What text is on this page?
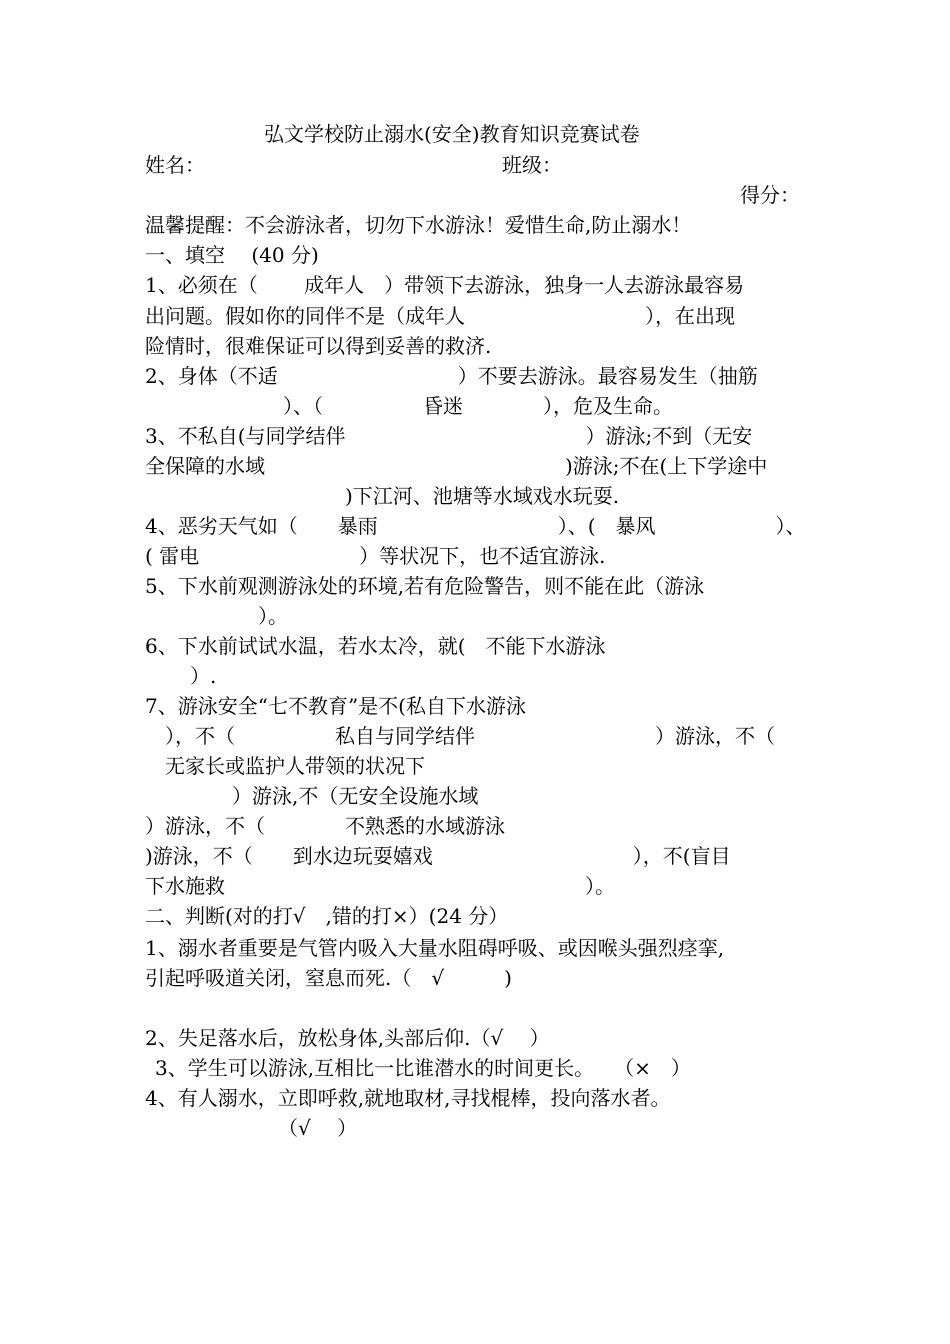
弘文学校防止溺水(安全)教育知识竞赛试卷
姓名：	班级：
得分：
温馨提醒：不会游泳者，切勿下水游泳！爱惜生命,防止溺水！
一、填空　 (40 分)
1、必须在（　　 成年人　）带领下去游泳，独身一人去游泳最容易
出问题。假如你的同伴不是（成年人　　　　　　　　　），在出现
险情时，很难保证可以得到妥善的救济.
2、身体（不适　　　　　　　　　）不要去游泳。最容易发生（抽筋
）、（　　　　　昏迷　　　　），危及生命。
3、不私自(与同学结伴　　　　　　　　　　　　）游泳;不到（无安
全保障的水域　　　　　　　　　　　　　　　)游泳;不在(上下学途中
)下江河、池塘等水域戏水玩耍.
4、恶劣天气如（　　暴雨　　　　　　　　　）、(　暴风　　　　　　）、
( 雷电　　　　　　　　）等状况下，也不适宜游泳.
5、下水前观测游泳处的环境,若有危险警告，则不能在此（游泳
）。
6、下水前试试水温，若水太冷，就(　不能下水游泳
）.
7、游泳安全“七不教育”是不(私自下水游泳
），不（　　　　　私自与同学结伴　　　　　　　　　）游泳，不（
无家长或监护人带领的状况下
）游泳,不（无安全设施水域
）游泳，不（　　　　不熟悉的水域游泳
)游泳，不（　　到水边玩耍嬉戏　　　　　　　　　　），不(盲目
下水施救　　　　　　　　　　　　　　　　　　）。
二、判断(对的打√　,错的打×）(24 分）
1、溺水者重要是气管内吸入大量水阻碍呼吸、或因喉头强烈痉挛,
引起呼吸道关闭，窒息而死.（　√　　　)
2、失足落水后，放松身体,头部后仰.（√　 ）
3、学生可以游泳,互相比一比谁潜水的时间更长。　　（×　）
4、有人溺水，立即呼救,就地取材,寻找棍棒，投向落水者。
（√　 ）
